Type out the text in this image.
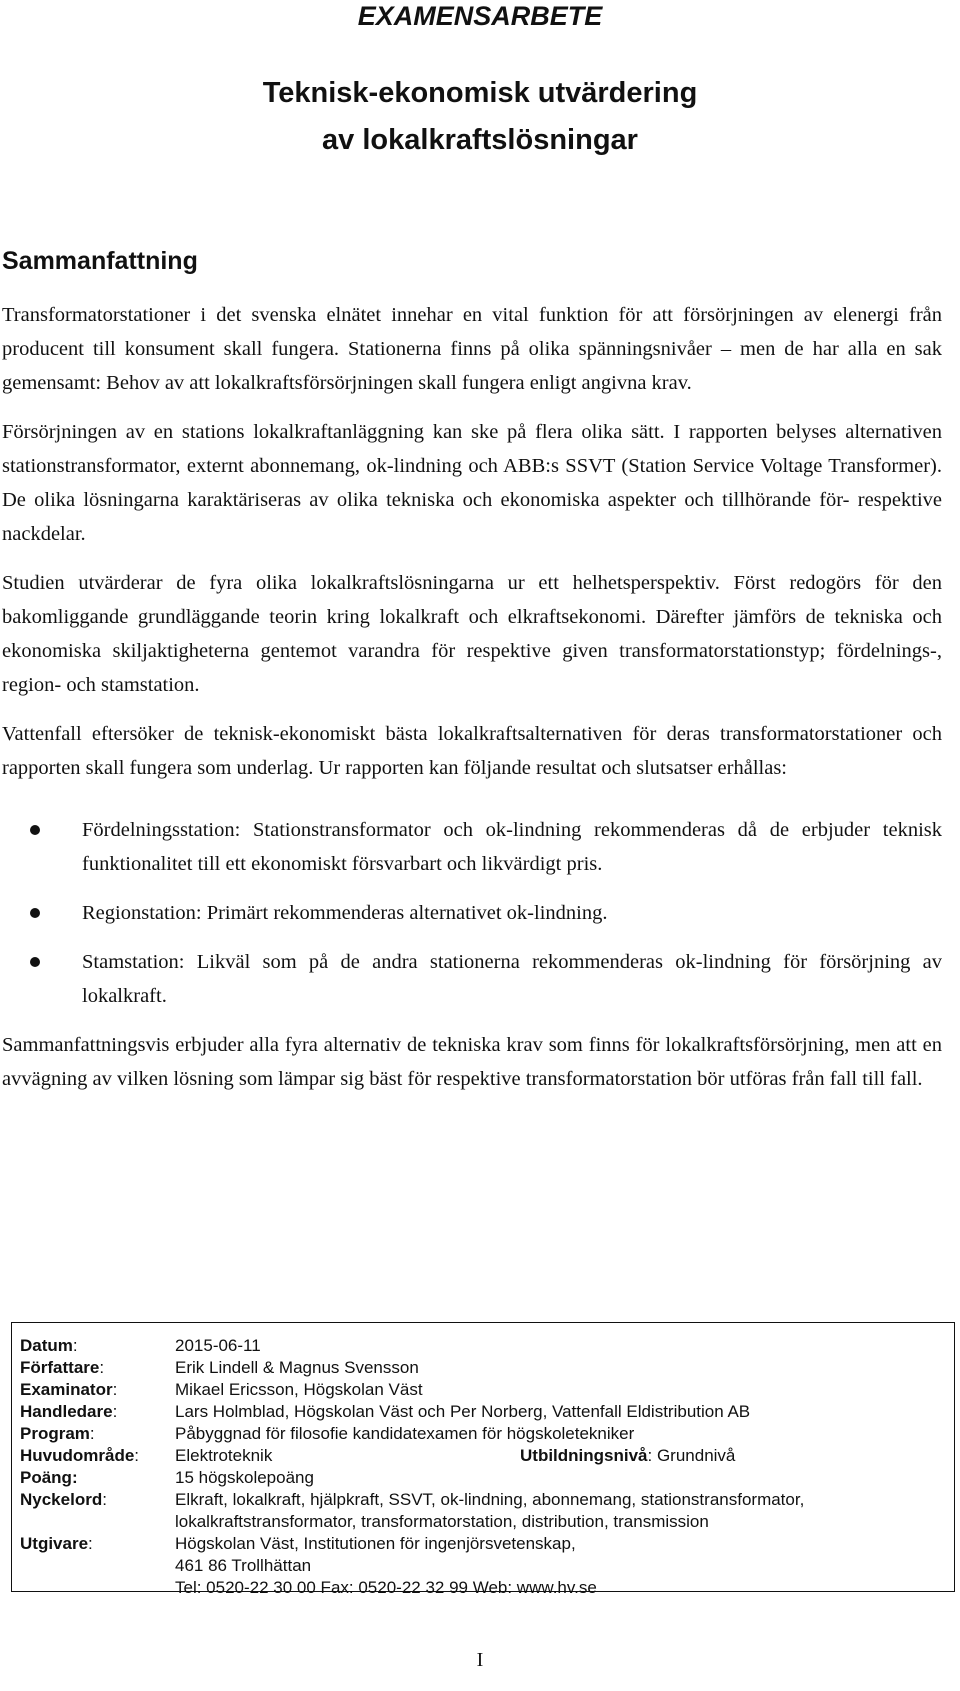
EXAMENSARBETE
Teknisk-ekonomisk utvärdering
av lokalkraftslösningar
Sammanfattning

Transformatorstationer i det svenska elnätet innehar en vital funktion för att försörjningen av elenergi från producent till konsument skall fungera. Stationerna finns på olika spänningsnivåer – men de har alla en sak gemensamt: Behov av att lokalkraftsförsörjningen skall fungera enligt angivna krav.

Försörjningen av en stations lokalkraftanläggning kan ske på flera olika sätt. I rapporten belyses alternativen stationstransformator, externt abonnemang, ok-lindning och ABB:s SSVT (Station Service Voltage Transformer). De olika lösningarna karaktäriseras av olika tekniska och ekonomiska aspekter och tillhörande för- respektive nackdelar.

Studien utvärderar de fyra olika lokalkraftslösningarna ur ett helhetsperspektiv. Först redogörs för den bakomliggande grundläggande teorin kring lokalkraft och elkraftsekonomi. Därefter jämförs de tekniska och ekonomiska skiljaktigheterna gentemot varandra för respektive given transformatorstationstyp; fördelnings-, region- och stamstation.

Vattenfall eftersöker de teknisk-ekonomiskt bästa lokalkraftsalternativen för deras transformatorstationer och rapporten skall fungera som underlag. Ur rapporten kan följande resultat och slutsatser erhållas:

Fördelningsstation: Stationstransformator och ok-lindning rekommenderas då de erbjuder teknisk funktionalitet till ett ekonomiskt försvarbart och likvärdigt pris.
Regionstation: Primärt rekommenderas alternativet ok-lindning.
Stamstation: Likväl som på de andra stationerna rekommenderas ok-lindning för försörjning av lokalkraft.

Sammanfattningsvis erbjuder alla fyra alternativ de tekniska krav som finns för lokalkraftsförsörjning, men att en avvägning av vilken lösning som lämpar sig bäst för respektive transformatorstation bör utföras från fall till fall.

Datum:	2015-06-11
Författare:	Erik Lindell & Magnus Svensson
Examinator:	Mikael Ericsson, Högskolan Väst
Handledare:	Lars Holmblad, Högskolan Väst och Per Norberg, Vattenfall Eldistribution AB
Program:	Påbyggnad för filosofie kandidatexamen för högskoletekniker
Huvudområde: Elektroteknik	Utbildningsnivå: Grundnivå
Poäng:	15 högskolepoäng
Nyckelord:	Elkraft, lokalkraft, hjälpkraft, SSVT, ok-lindning, abonnemang, stationstransformator,
lokalkraftstransformator, transformatorstation, distribution, transmission
Utgivare:	Högskolan Väst, Institutionen för ingenjörsvetenskap,
461 86 Trollhättan
Tel: 0520-22 30 00 Fax: 0520-22 32 99 Web: www.hv.se
I
